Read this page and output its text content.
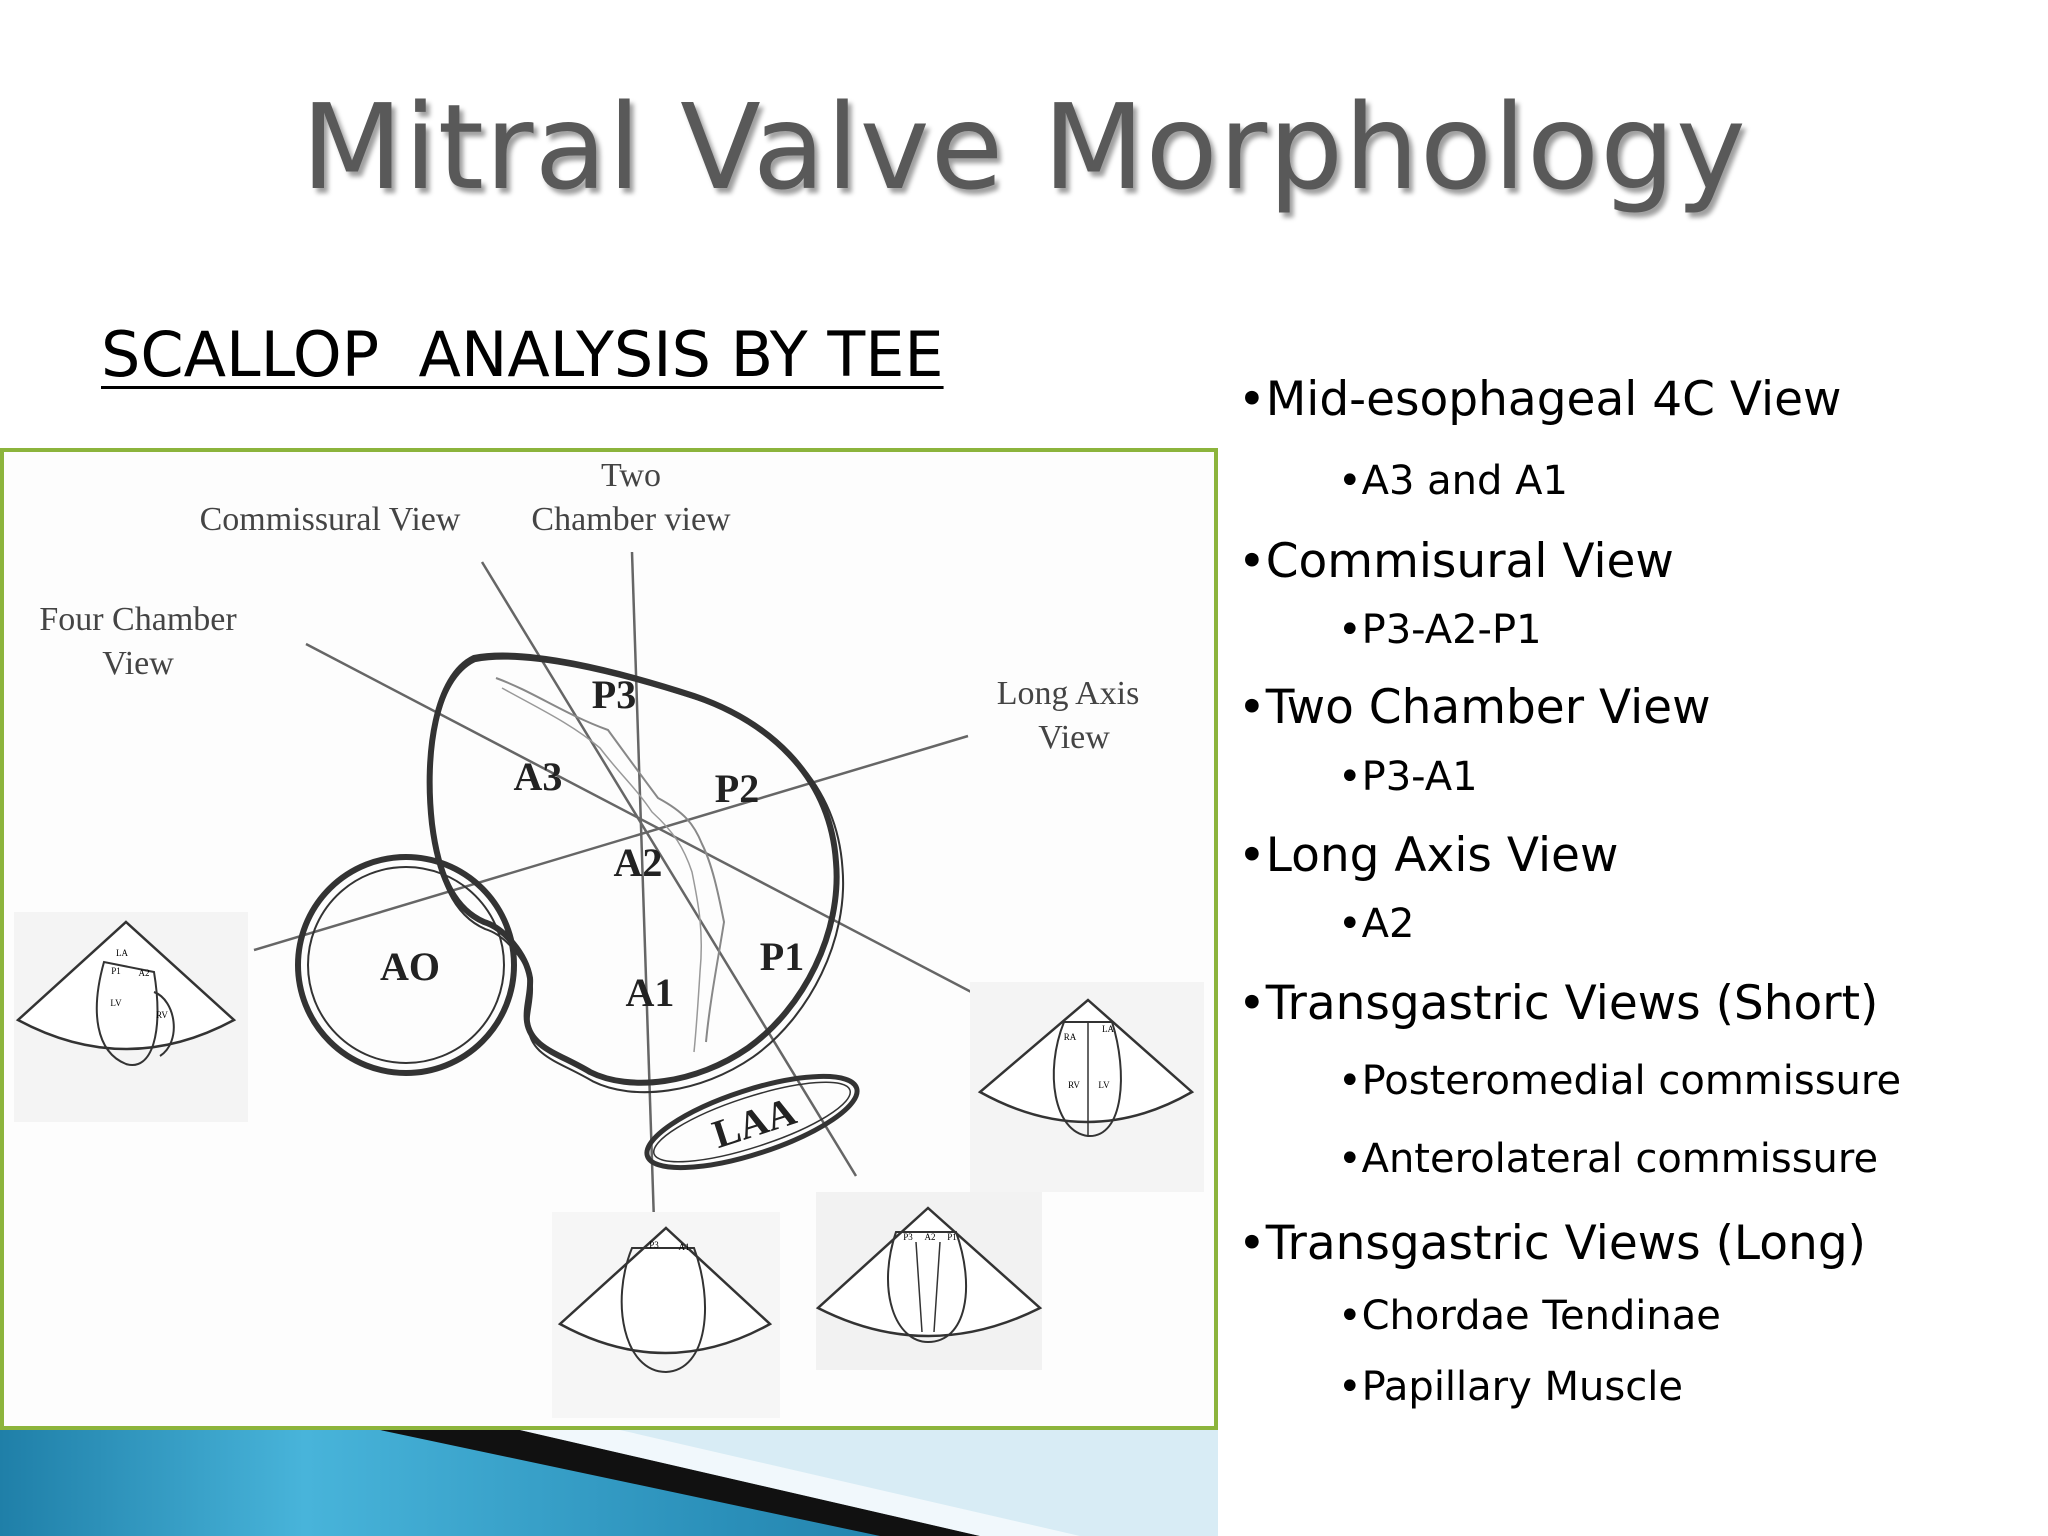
Mitral Valve Morphology
SCALLOP  ANALYSIS BY TEE
Two
Chamber view
Commissural View
Four Chamber
View
Long Axis
View
P3
A3	P2
A2
A1
P1
AO
LAA
LA
P1 A2
LV
RV
RA
LA
RV LV
P3 A1
P3 A2 P1
•Mid-esophageal 4C View
•A3 and A1
•Commisural View
•P3-A2-P1
•Two Chamber View
•P3-A1
•Long Axis View
•A2
•Transgastric Views (Short)
•Posteromedial commissure
•Anterolateral commissure
•Transgastric Views (Long)
•Chordae Tendinae
•Papillary Muscle
